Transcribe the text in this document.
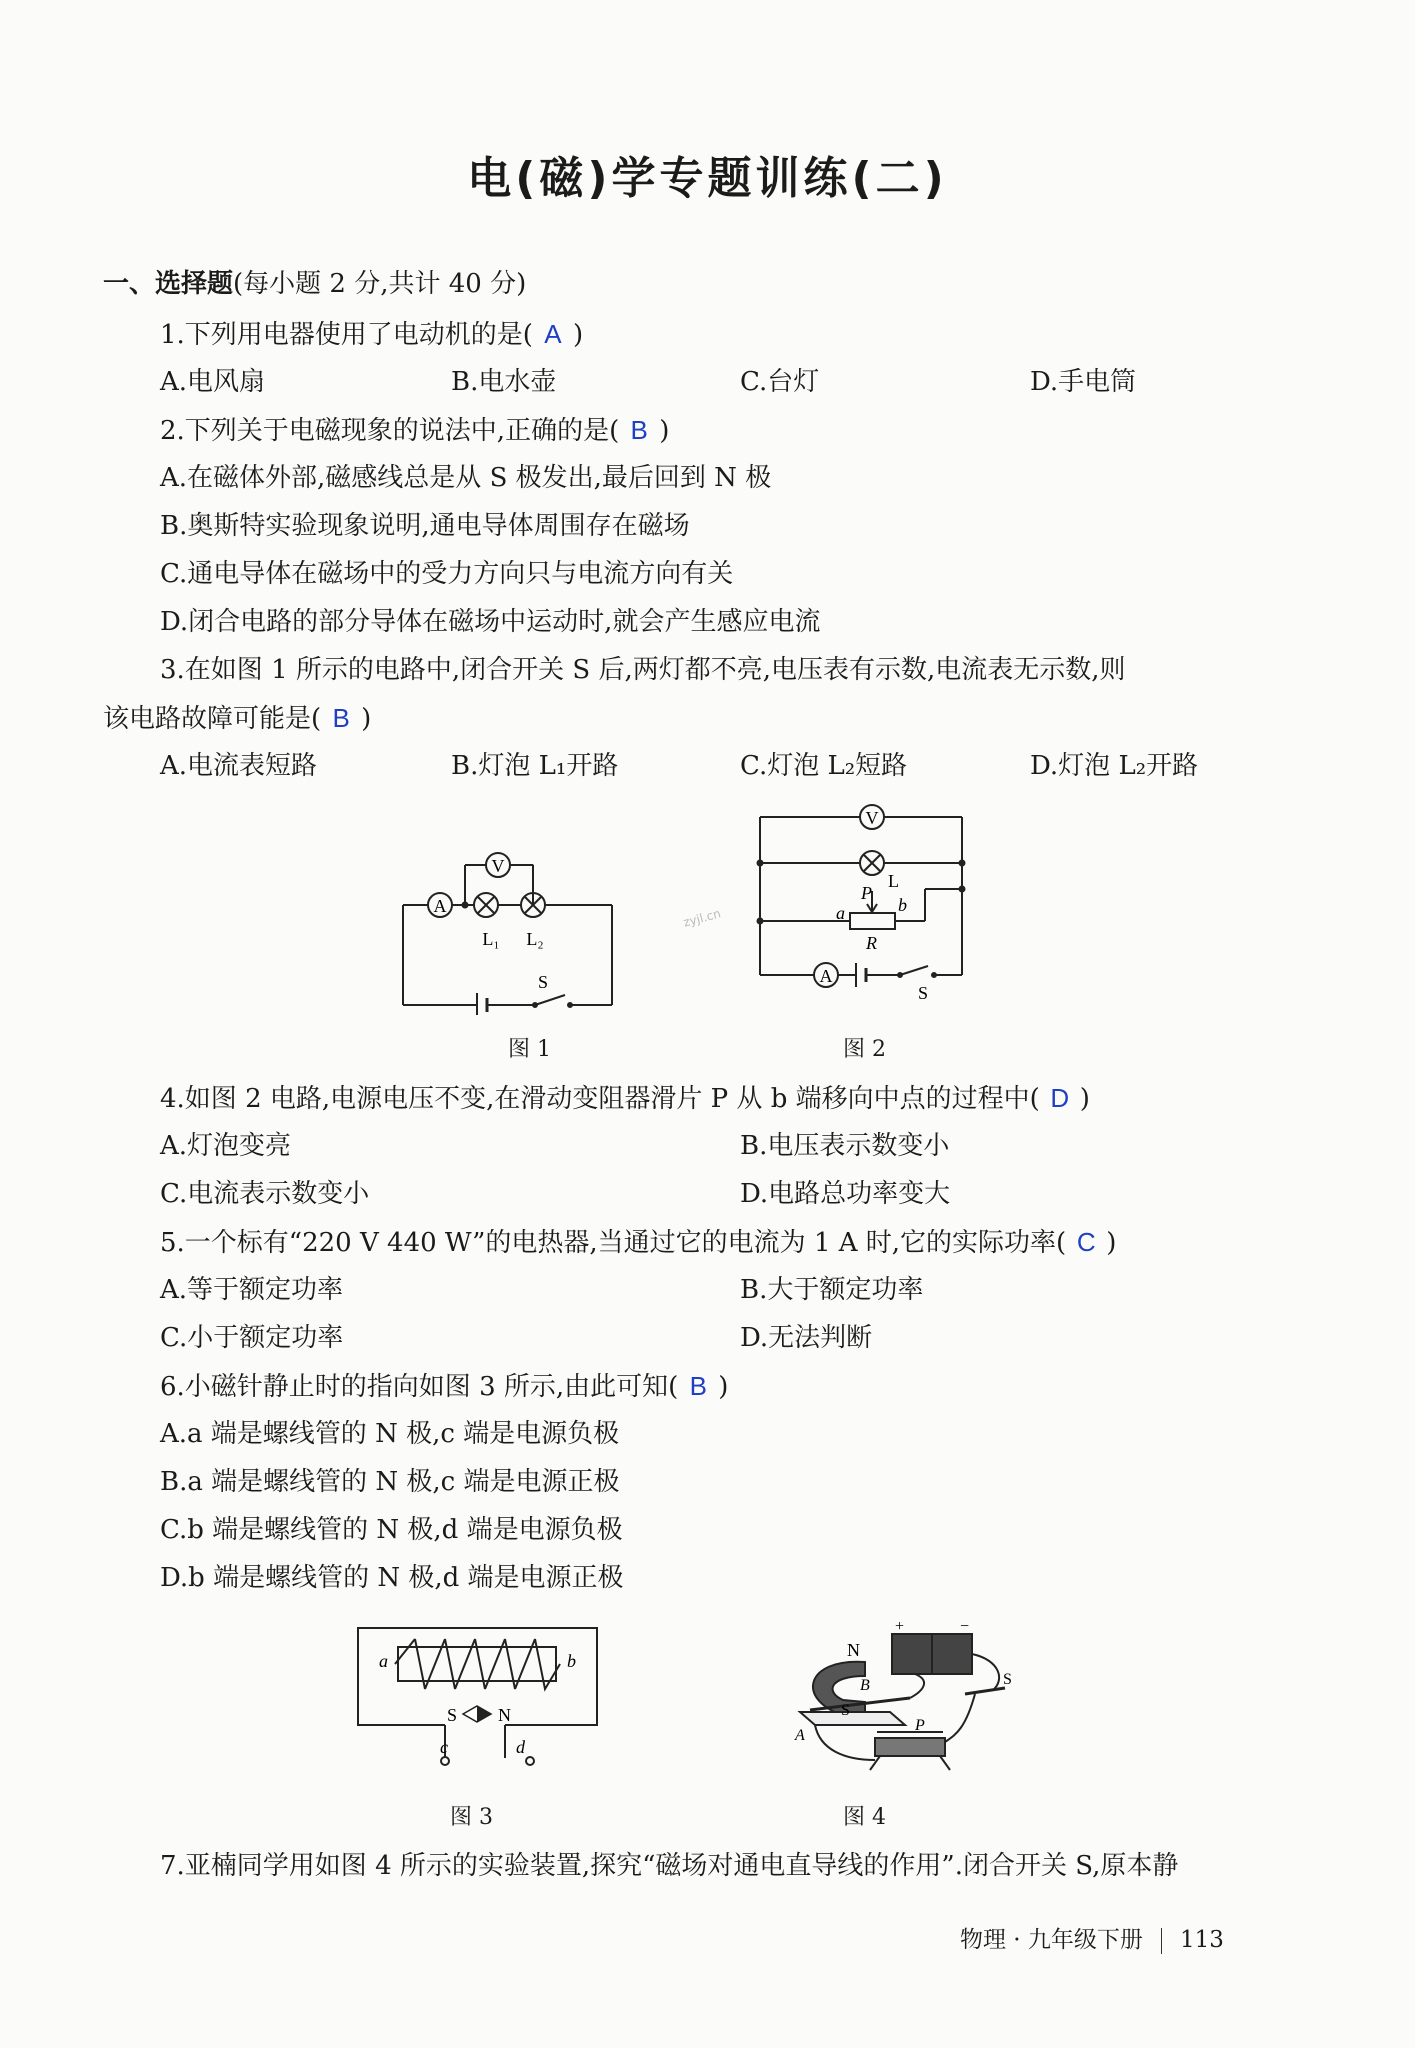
电(磁)学专题训练(二)
一、选择题(每小题 2 分,共计 40 分)
1.下列用电器使用了电动机的是( A )
A.电风扇	B.电水壶	C.台灯	D.手电筒
2.下列关于电磁现象的说法中,正确的是( B )
A.在磁体外部,磁感线总是从 S 极发出,最后回到 N 极
B.奥斯特实验现象说明,通电导体周围存在磁场
C.通电导体在磁场中的受力方向只与电流方向有关
D.闭合电路的部分导体在磁场中运动时,就会产生感应电流
3.在如图 1 所示的电路中,闭合开关 S 后,两灯都不亮,电压表有示数,电流表无示数,则
该电路故障可能是( B )
A.电流表短路	B.灯泡 L₁开路	C.灯泡 L₂短路	D.灯泡 L₂开路
A
V
L₁ L₂
S
图 1
V
L
P
a	b
R
A
S
图 2
zyjl.cn
4.如图 2 电路,电源电压不变,在滑动变阻器滑片 P 从 b 端移向中点的过程中( D )
A.灯泡变亮	B.电压表示数变小
C.电流表示数变小	D.电路总功率变大
5.一个标有“220 V 440 W”的电热器,当通过它的电流为 1 A 时,它的实际功率( C )
A.等于额定功率	B.大于额定功率
C.小于额定功率	D.无法判断
6.小磁针静止时的指向如图 3 所示,由此可知( B )
A.a 端是螺线管的 N 极,c 端是电源负极
B.a 端是螺线管的 N 极,c 端是电源正极
C.b 端是螺线管的 N 极,d 端是电源负极
D.b 端是螺线管的 N 极,d 端是电源正极
a	b
S N
c	d
图 3
N
B
S
A
+	−
S
P
图 4
7.亚楠同学用如图 4 所示的实验装置,探究“磁场对通电直导线的作用”.闭合开关 S,原本静
物理 · 九年级下册 113
